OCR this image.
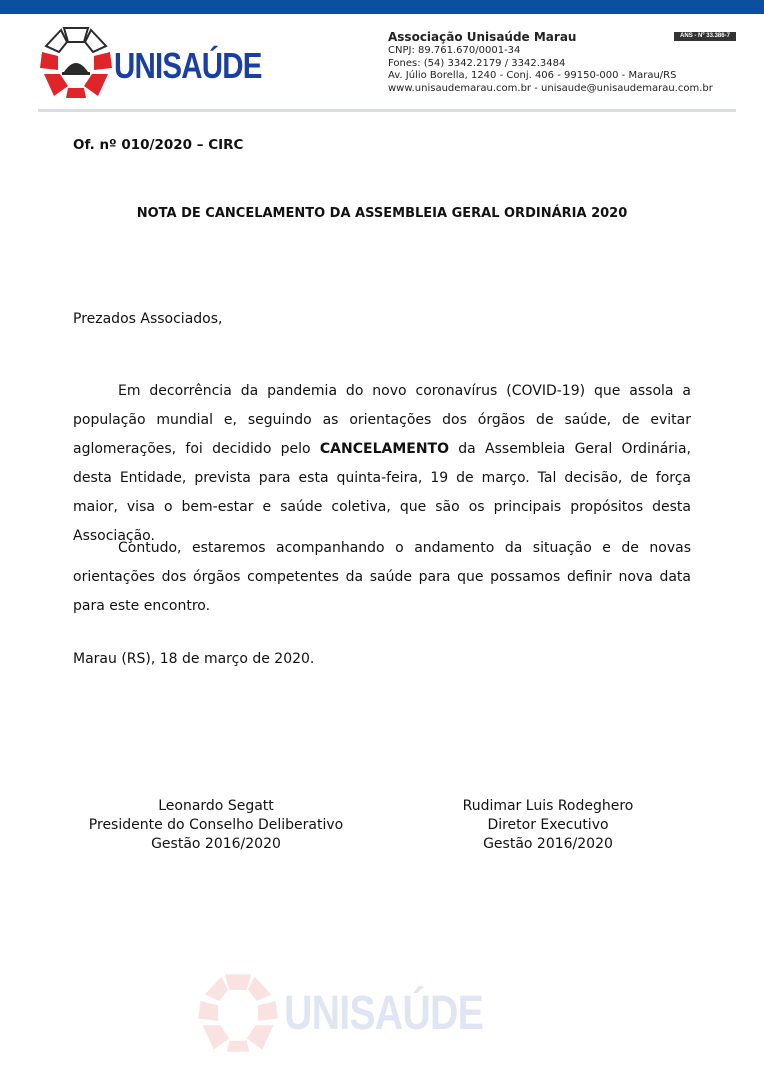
UNISAÚDE
Associação Unisaúde Marau
CNPJ: 89.761.670/0001-34
Fones: (54) 3342.2179 / 3342.3484
Av. Júlio Borella, 1240 - Conj. 406 - 99150-000 - Marau/RS
www.unisaudemarau.com.br - unisaude@unisaudemarau.com.br
ANS - Nº 33.386-7
Of. nº 010/2020 – CIRC
NOTA DE CANCELAMENTO DA ASSEMBLEIA GERAL ORDINÁRIA 2020
Prezados Associados,

Em decorrência da pandemia do novo coronavírus (COVID-19) que assola a população mundial e, seguindo as orientações dos órgãos de saúde, de evitar aglomerações, foi decidido pelo CANCELAMENTO da Assembleia Geral Ordinária, desta Entidade, prevista para esta quinta-feira, 19 de março. Tal decisão, de força maior, visa o bem-estar e saúde coletiva, que são os principais propósitos desta Associação.

Contudo, estaremos acompanhando o andamento da situação e de novas orientações dos órgãos competentes da saúde para que possamos definir nova data para este encontro.

Marau (RS), 18 de março de 2020.
Leonardo Segatt
Presidente do Conselho Deliberativo
Gestão 2016/2020
Rudimar Luis Rodeghero
Diretor Executivo
Gestão 2016/2020
UNISAÚDE
